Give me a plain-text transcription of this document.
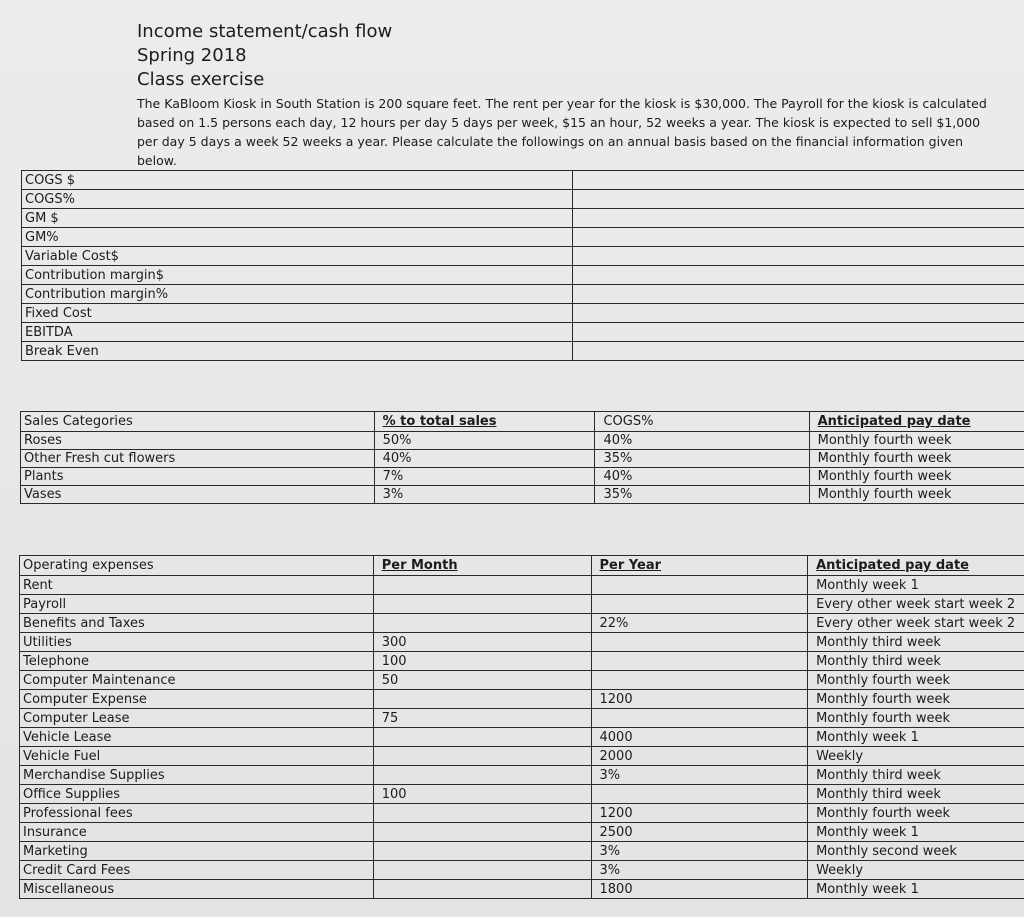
Income statement/cash flow
Spring 2018
Class exercise
The KaBloom Kiosk in South Station is 200 square feet. The rent per year for the kiosk is $30,000. The Payroll for the kiosk is calculated based on 1.5 persons each day, 12 hours per day 5 days per week, $15 an hour, 52 weeks a year. The kiosk is expected to sell $1,000 per day 5 days a week 52 weeks a year. Please calculate the followings on an annual basis based on the financial information given below.
COGS $	
COGS%	
GM $	
GM%	
Variable Cost$	
Contribution margin$	
Contribution margin%	
Fixed Cost	
EBITDA	
Break Even	
Sales Categories	% to total sales	COGS%	Anticipated pay date
Roses	50%	40%	Monthly fourth week
Other Fresh cut flowers	40%	35%	Monthly fourth week
Plants	7%	40%	Monthly fourth week
Vases	3%	35%	Monthly fourth week
Operating expenses	Per Month	Per Year	Anticipated pay date
Rent			Monthly week 1
Payroll			Every other week start week 2
Benefits and Taxes		22%	Every other week start week 2
Utilities	300		Monthly third week
Telephone	100		Monthly third week
Computer Maintenance	50		Monthly fourth week
Computer Expense		1200	Monthly fourth week
Computer Lease	75		Monthly fourth week
Vehicle Lease		4000	Monthly week 1
Vehicle Fuel		2000	Weekly
Merchandise Supplies		3%	Monthly third week
Office Supplies	100		Monthly third week
Professional fees		1200	Monthly fourth week
Insurance		2500	Monthly week 1
Marketing		3%	Monthly second week
Credit Card Fees		3%	Weekly
Miscellaneous		1800	Monthly week 1
